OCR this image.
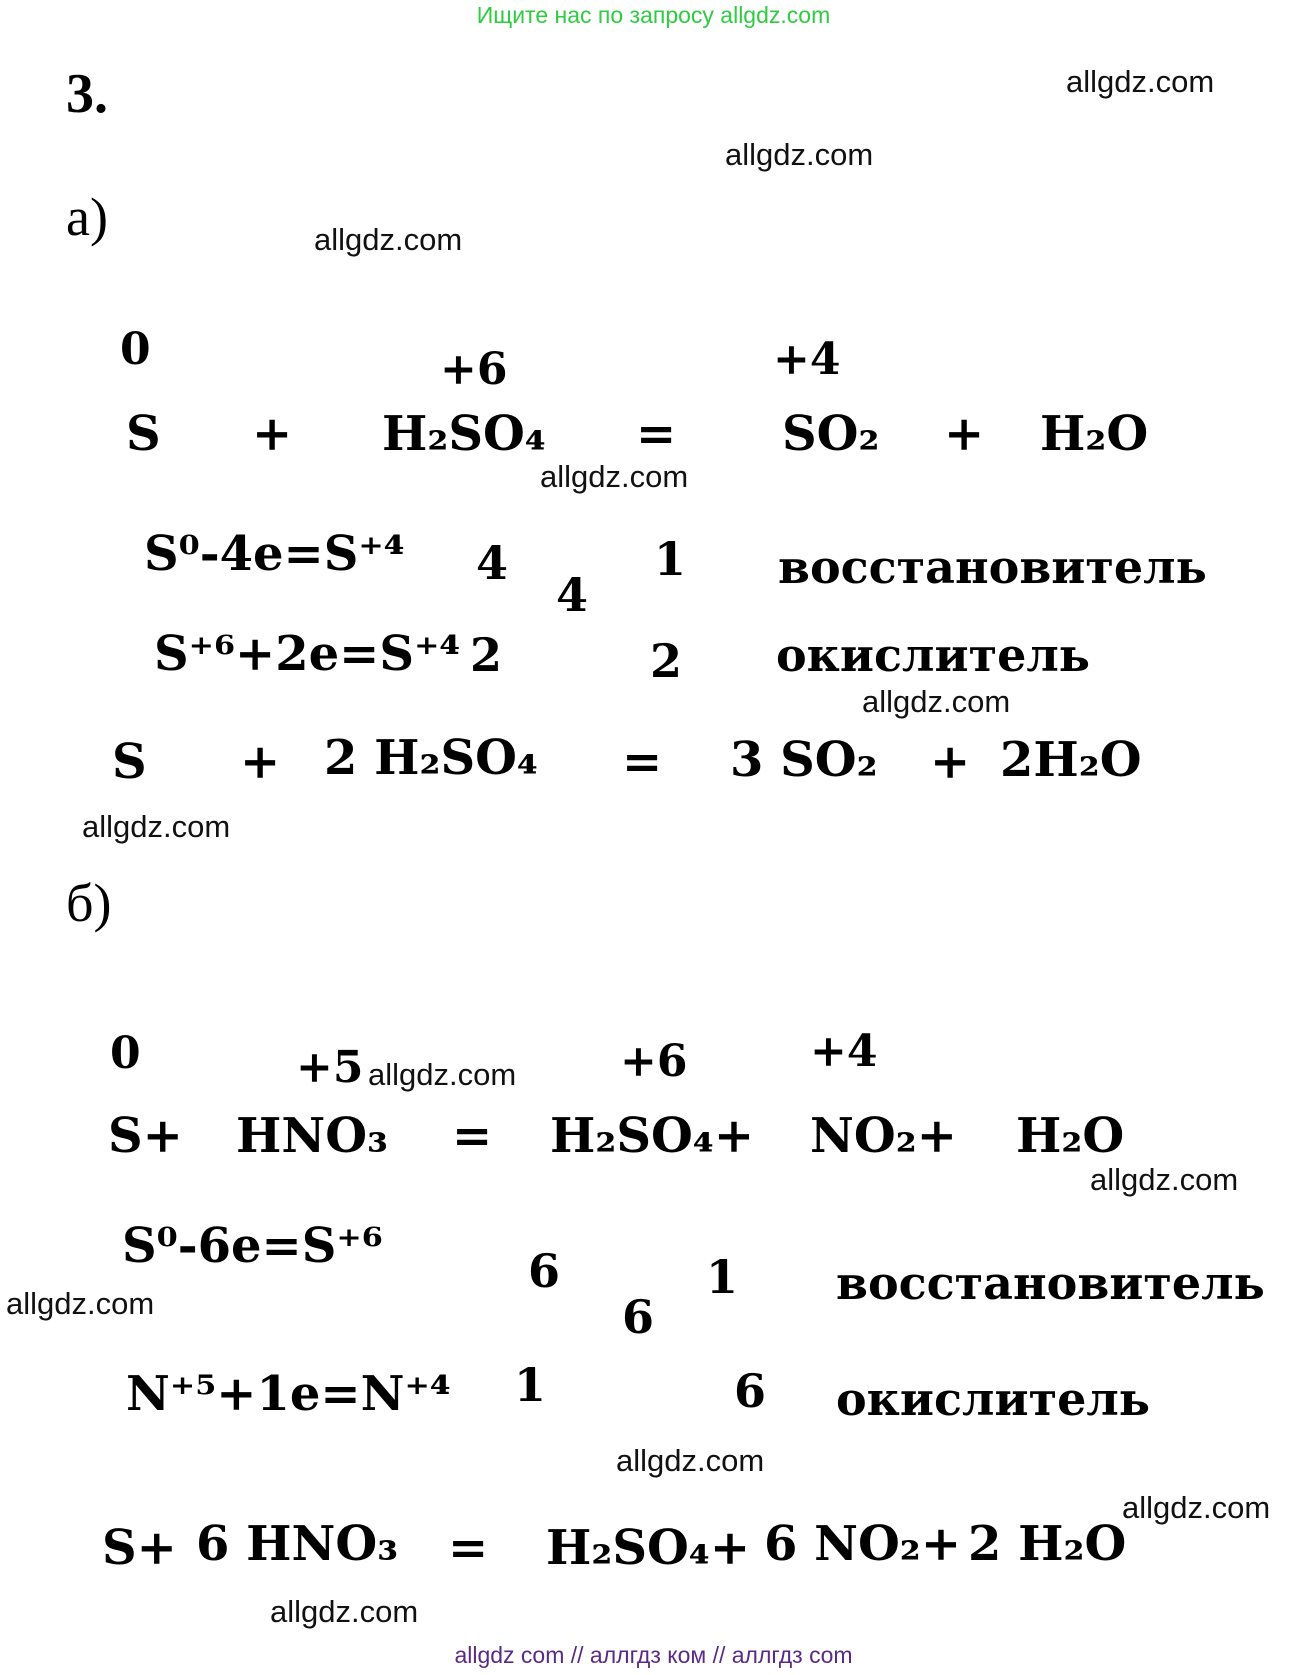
Ищите нас по запросу allgdz.com
3.	allgdz.com
allgdz.com
allgdz.com
allgdz.com
allgdz.com
allgdz.com
allgdz.com
allgdz.com
allgdz.com
allgdz.com
allgdz.com
allgdz.com
а)
0	+6	+4
S + H₂SO₄ = SO₂ + H₂O
S⁰-4e=S⁺⁴ 4
4
1 восстановитель
S⁺⁶+2e=S⁺⁴ 2	2 окислитель
S + 2 H₂SO₄ = 3 SO₂ + 2H₂O
б)
0	+5	+6	+4
S+ HNO₃ = H₂SO₄+ NO₂+ H₂O
S⁰-6e=S⁺⁶	6
6
1 восстановитель
N⁺⁵+1e=N⁺⁴ 1	6 окислитель
S+ 6 HNO₃ = H₂SO₄+ 6 NO₂+ 2 H₂O
allgdz com // аллгдз ком // аллгдз com
